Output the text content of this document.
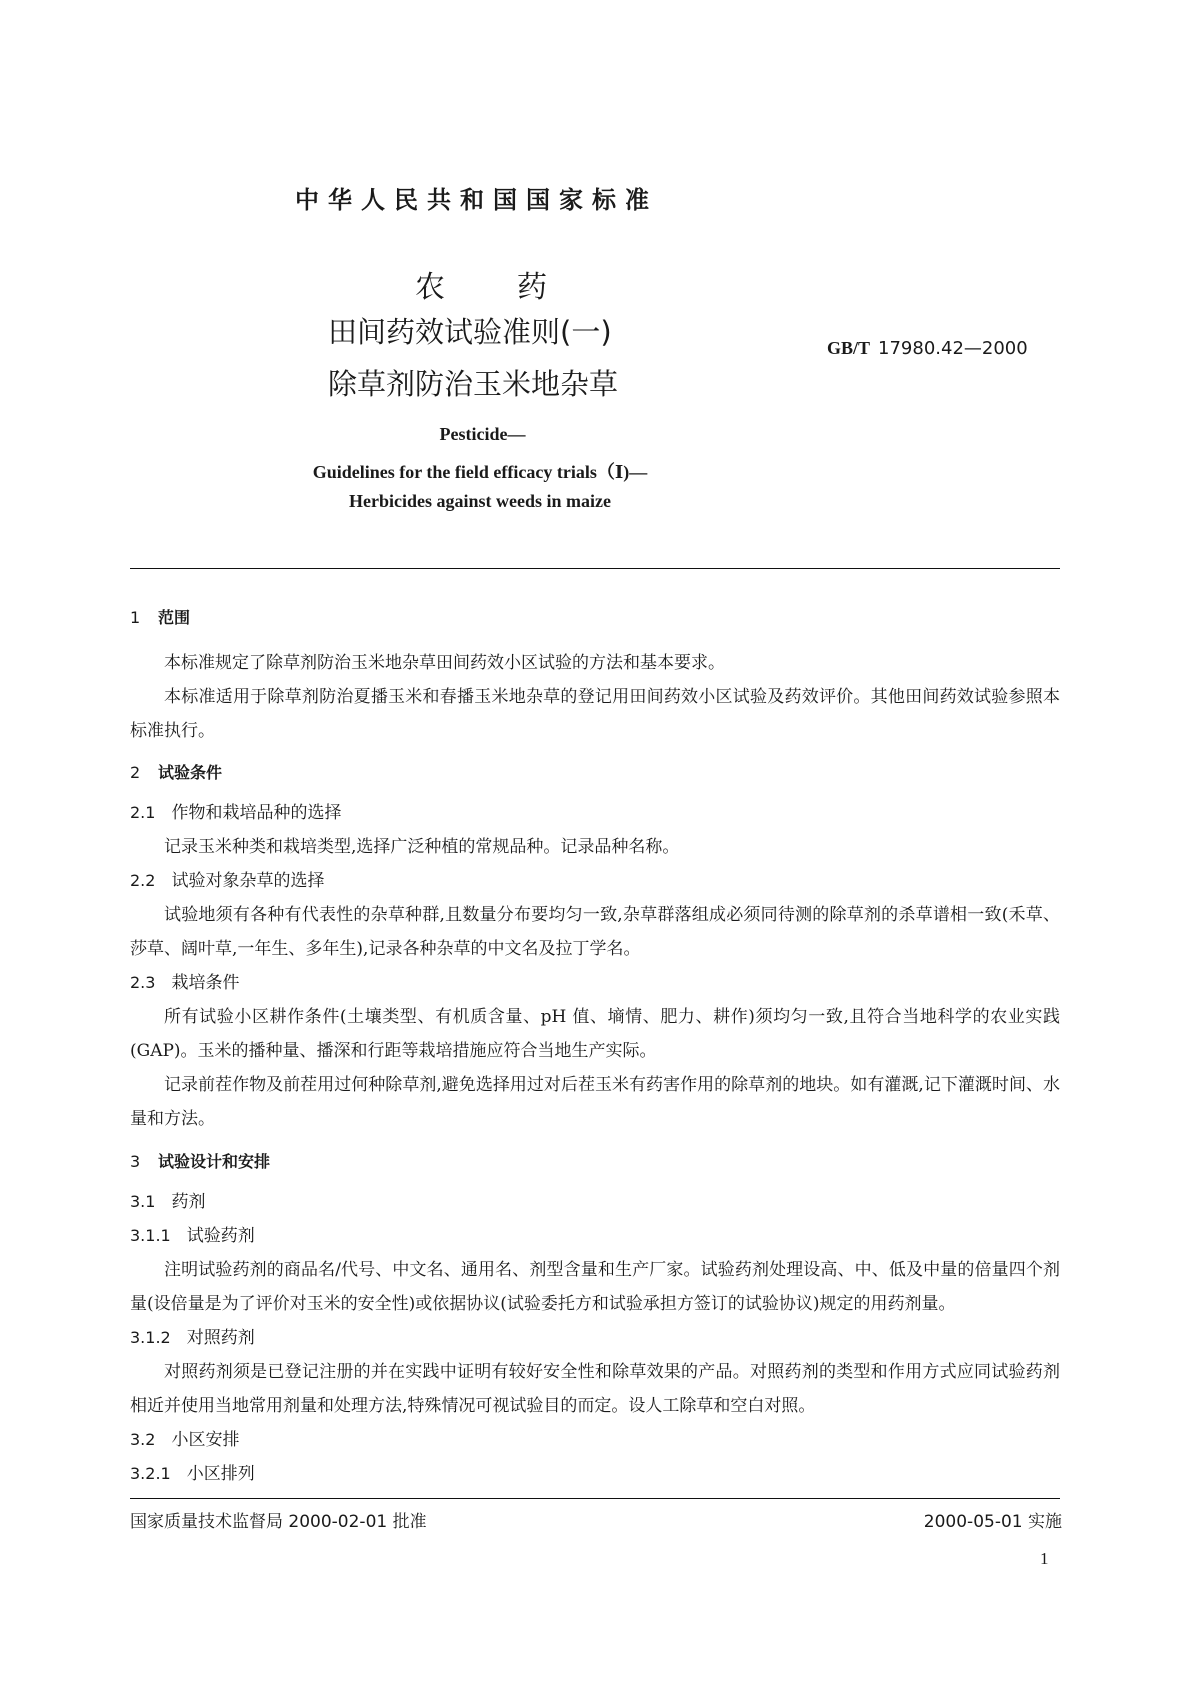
中华人民共和国国家标准
农 药
田间药效试验准则(一)
除草剂防治玉米地杂草
GB/T 17980.42—2000
Pesticide—
Guidelines for the field efficacy trials（Ⅰ)—
Herbicides against weeds in maize
1 范围
本标准规定了除草剂防治玉米地杂草田间药效小区试验的方法和基本要求。
本标准适用于除草剂防治夏播玉米和春播玉米地杂草的登记用田间药效小区试验及药效评价。其他田间药效试验参照本标准执行。
2 试验条件
2.1 作物和栽培品种的选择
记录玉米种类和栽培类型,选择广泛种植的常规品种。记录品种名称。
2.2 试验对象杂草的选择
试验地须有各种有代表性的杂草种群,且数量分布要均匀一致,杂草群落组成必须同待测的除草剂的杀草谱相一致(禾草、莎草、阔叶草,一年生、多年生),记录各种杂草的中文名及拉丁学名。
2.3 栽培条件
所有试验小区耕作条件(土壤类型、有机质含量、pH 值、墒情、肥力、耕作)须均匀一致,且符合当地科学的农业实践(GAP)。玉米的播种量、播深和行距等栽培措施应符合当地生产实际。
记录前茬作物及前茬用过何种除草剂,避免选择用过对后茬玉米有药害作用的除草剂的地块。如有灌溉,记下灌溉时间、水量和方法。
3 试验设计和安排
3.1 药剂
3.1.1 试验药剂
注明试验药剂的商品名/代号、中文名、通用名、剂型含量和生产厂家。试验药剂处理设高、中、低及中量的倍量四个剂量(设倍量是为了评价对玉米的安全性)或依据协议(试验委托方和试验承担方签订的试验协议)规定的用药剂量。
3.1.2 对照药剂
对照药剂须是已登记注册的并在实践中证明有较好安全性和除草效果的产品。对照药剂的类型和作用方式应同试验药剂相近并使用当地常用剂量和处理方法,特殊情况可视试验目的而定。设人工除草和空白对照。
3.2 小区安排
3.2.1 小区排列
国家质量技术监督局 2000-02-01 批准	2000-05-01 实施
1
